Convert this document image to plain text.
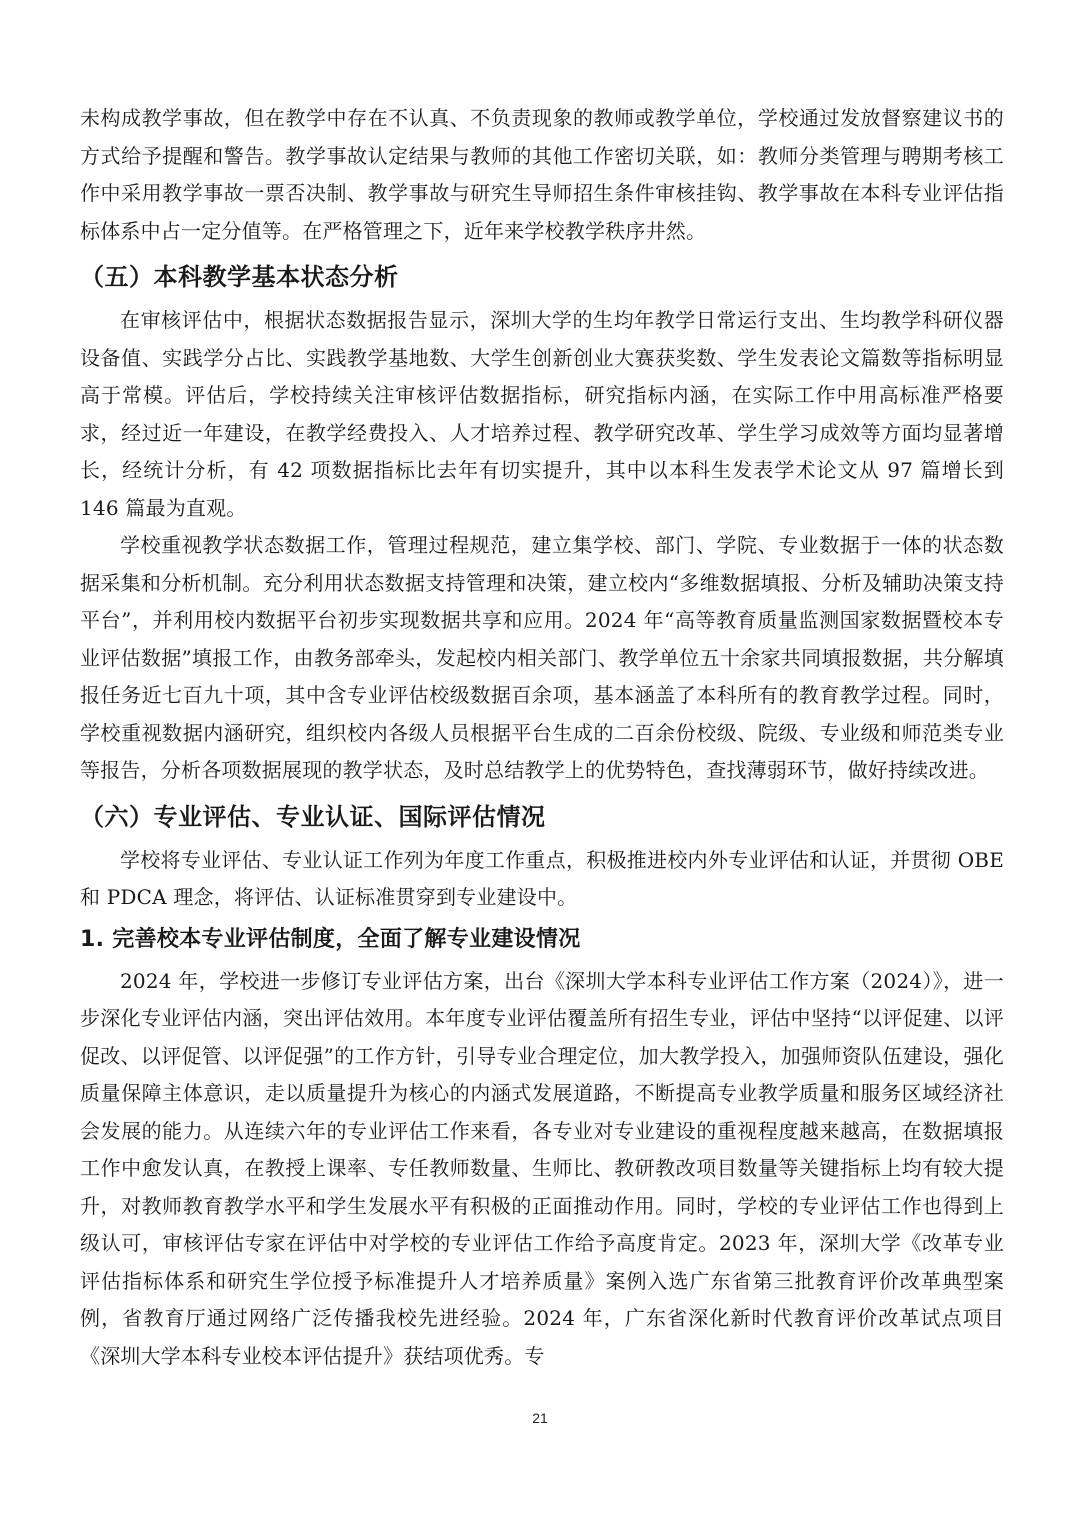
未构成教学事故，但在教学中存在不认真、不负责现象的教师或教学单位，学校通过发放督察建议书的方式给予提醒和警告。教学事故认定结果与教师的其他工作密切关联，如：教师分类管理与聘期考核工作中采用教学事故一票否决制、教学事故与研究生导师招生条件审核挂钩、教学事故在本科专业评估指标体系中占一定分值等。在严格管理之下，近年来学校教学秩序井然。

（五）本科教学基本状态分析

在审核评估中，根据状态数据报告显示，深圳大学的生均年教学日常运行支出、生均教学科研仪器设备值、实践学分占比、实践教学基地数、大学生创新创业大赛获奖数、学生发表论文篇数等指标明显高于常模。评估后，学校持续关注审核评估数据指标，研究指标内涵，在实际工作中用高标准严格要求，经过近一年建设，在教学经费投入、人才培养过程、教学研究改革、学生学习成效等方面均显著增长，经统计分析，有 42 项数据指标比去年有切实提升，其中以本科生发表学术论文从 97 篇增长到 146 篇最为直观。

学校重视教学状态数据工作，管理过程规范，建立集学校、部门、学院、专业数据于一体的状态数据采集和分析机制。充分利用状态数据支持管理和决策，建立校内“多维数据填报、分析及辅助决策支持平台”，并利用校内数据平台初步实现数据共享和应用。2024 年“高等教育质量监测国家数据暨校本专业评估数据”填报工作，由教务部牵头，发起校内相关部门、教学单位五十余家共同填报数据，共分解填报任务近七百九十项，其中含专业评估校级数据百余项，基本涵盖了本科所有的教育教学过程。同时，学校重视数据内涵研究，组织校内各级人员根据平台生成的二百余份校级、院级、专业级和师范类专业等报告，分析各项数据展现的教学状态，及时总结教学上的优势特色，查找薄弱环节，做好持续改进。

（六）专业评估、专业认证、国际评估情况

学校将专业评估、专业认证工作列为年度工作重点，积极推进校内外专业评估和认证，并贯彻 OBE 和 PDCA 理念，将评估、认证标准贯穿到专业建设中。

1. 完善校本专业评估制度，全面了解专业建设情况

2024 年，学校进一步修订专业评估方案，出台《深圳大学本科专业评估工作方案（2024）》，进一步深化专业评估内涵，突出评估效用。本年度专业评估覆盖所有招生专业，评估中坚持“以评促建、以评促改、以评促管、以评促强”的工作方针，引导专业合理定位，加大教学投入，加强师资队伍建设，强化质量保障主体意识，走以质量提升为核心的内涵式发展道路，不断提高专业教学质量和服务区域经济社会发展的能力。从连续六年的专业评估工作来看，各专业对专业建设的重视程度越来越高，在数据填报工作中愈发认真，在教授上课率、专任教师数量、生师比、教研教改项目数量等关键指标上均有较大提升，对教师教育教学水平和学生发展水平有积极的正面推动作用。同时，学校的专业评估工作也得到上级认可，审核评估专家在评估中对学校的专业评估工作给予高度肯定。2023 年，深圳大学《改革专业评估指标体系和研究生学位授予标准提升人才培养质量》案例入选广东省第三批教育评价改革典型案例，省教育厅通过网络广泛传播我校先进经验。2024 年，广东省深化新时代教育评价改革试点项目《深圳大学本科专业校本评估提升》获结项优秀。专

21
